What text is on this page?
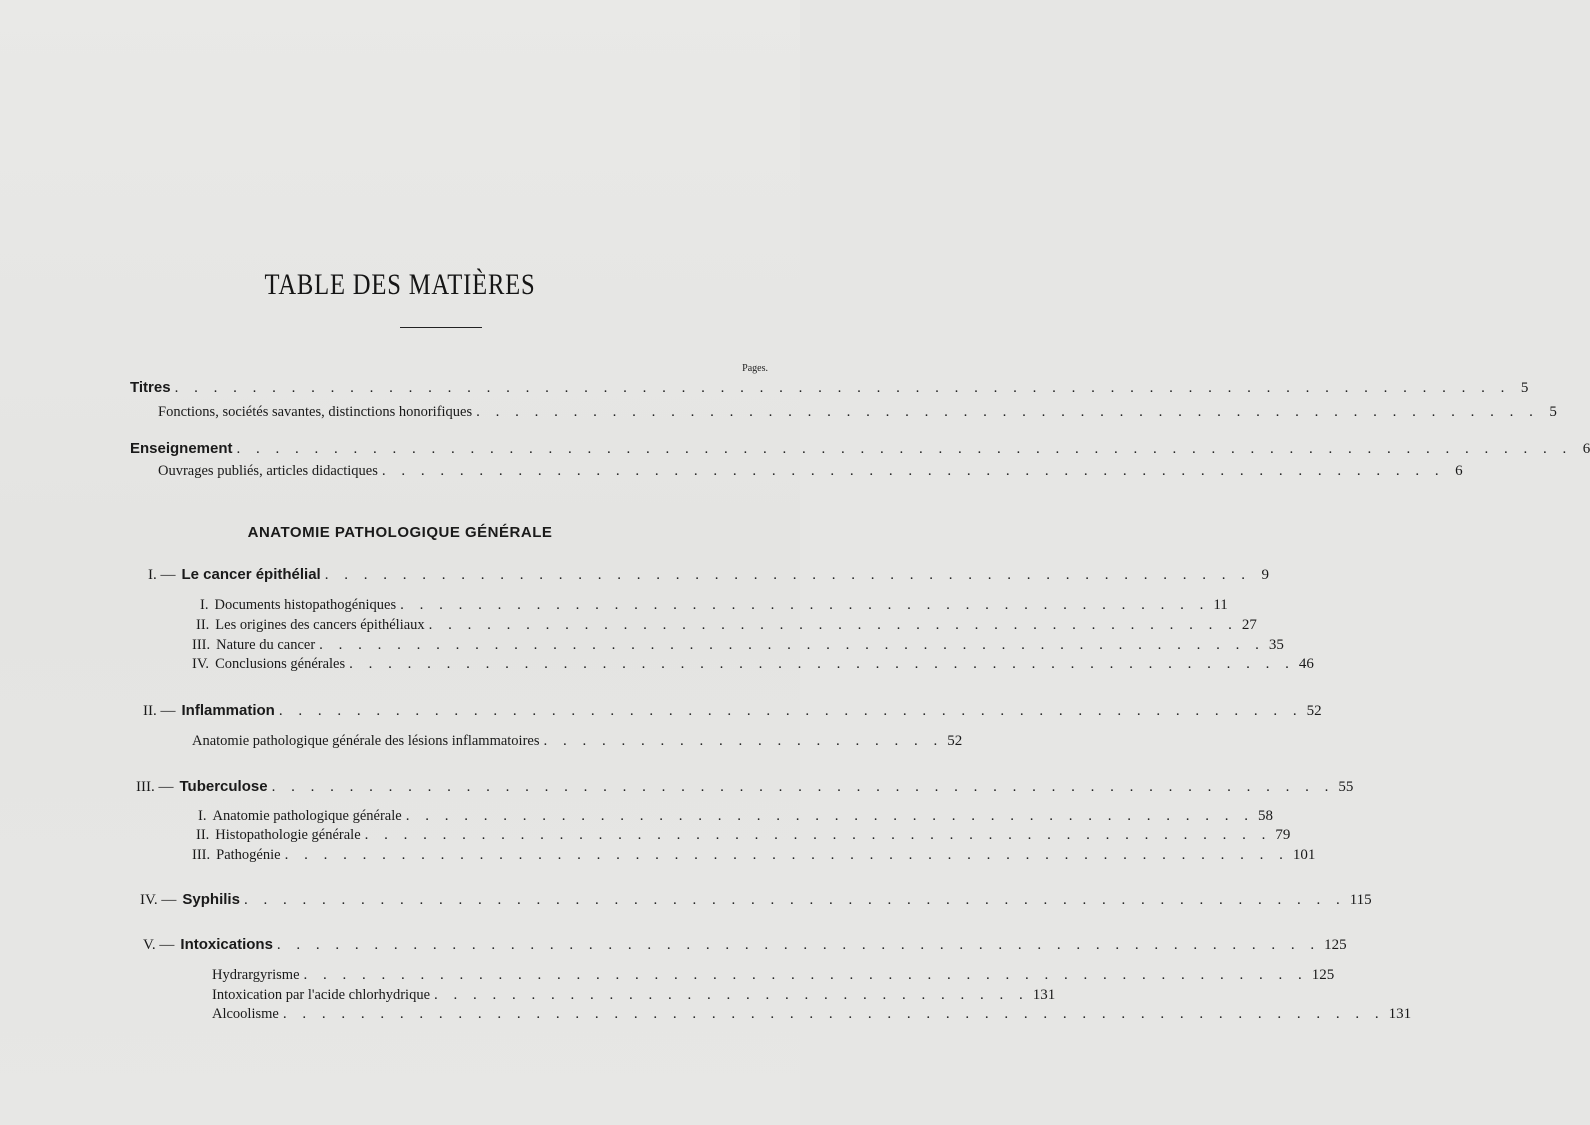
TABLE DES MATIÈRES
Pages.
Titres . . . . . . . . . . . . . . . . . . . . . . . . . . . . . . . . . . . . . . . . . . . . . . . . . . . . . . . . . . . . . . . . . . . . . 5
Fonctions, sociétés savantes, distinctions honorifiques . . . . . . . . . . . . . . . . . . . . . . . . . . . . . . . . . . . . . . . . . . . . . . . . . . . . . . . 5
Enseignement . . . . . . . . . . . . . . . . . . . . . . . . . . . . . . . . . . . . . . . . . . . . . . . . . . . . . . . . . . . . . . . . . . . . . 6
Ouvrages publiés, articles didactiques . . . . . . . . . . . . . . . . . . . . . . . . . . . . . . . . . . . . . . . . . . . . . . . . . . . . . . . 6
ANATOMIE PATHOLOGIQUE GÉNÉRALE
I. — Le cancer épithélial . . . . . . . . . . . . . . . . . . . . . . . . . . . . . . . . . . . . . . . . . . . . . . . . 9
I. Documents histopathogéniques . . . . . . . . . . . . . . . . . . . . . . . . . . . . . . . . . . . . . . . . . . 11
II. Les origines des cancers épithéliaux . . . . . . . . . . . . . . . . . . . . . . . . . . . . . . . . . . . . . . . . . . 27
III. Nature du cancer . . . . . . . . . . . . . . . . . . . . . . . . . . . . . . . . . . . . . . . . . . . . . . . . . 35
IV. Conclusions générales . . . . . . . . . . . . . . . . . . . . . . . . . . . . . . . . . . . . . . . . . . . . . . . . . 46
II. — Inflammation . . . . . . . . . . . . . . . . . . . . . . . . . . . . . . . . . . . . . . . . . . . . . . . . . . . . . 52
Anatomie pathologique générale des lésions inflammatoires . . . . . . . . . . . . . . . . . . . . . 52
III. — Tuberculose . . . . . . . . . . . . . . . . . . . . . . . . . . . . . . . . . . . . . . . . . . . . . . . . . . . . . . . 55
I. Anatomie pathologique générale . . . . . . . . . . . . . . . . . . . . . . . . . . . . . . . . . . . . . . . . . . . . 58
II. Histopathologie générale . . . . . . . . . . . . . . . . . . . . . . . . . . . . . . . . . . . . . . . . . . . . . . . 79
III. Pathogénie . . . . . . . . . . . . . . . . . . . . . . . . . . . . . . . . . . . . . . . . . . . . . . . . . . . . 101
IV. — Syphilis . . . . . . . . . . . . . . . . . . . . . . . . . . . . . . . . . . . . . . . . . . . . . . . . . . . . . . . . . 115
V. — Intoxications . . . . . . . . . . . . . . . . . . . . . . . . . . . . . . . . . . . . . . . . . . . . . . . . . . . . . . 125
Hydrargyrisme . . . . . . . . . . . . . . . . . . . . . . . . . . . . . . . . . . . . . . . . . . . . . . . . . . . . 125
Intoxication par l'acide chlorhydrique . . . . . . . . . . . . . . . . . . . . . . . . . . . . . . . 131
Alcoolisme . . . . . . . . . . . . . . . . . . . . . . . . . . . . . . . . . . . . . . . . . . . . . . . . . . . . . . . . . 131
